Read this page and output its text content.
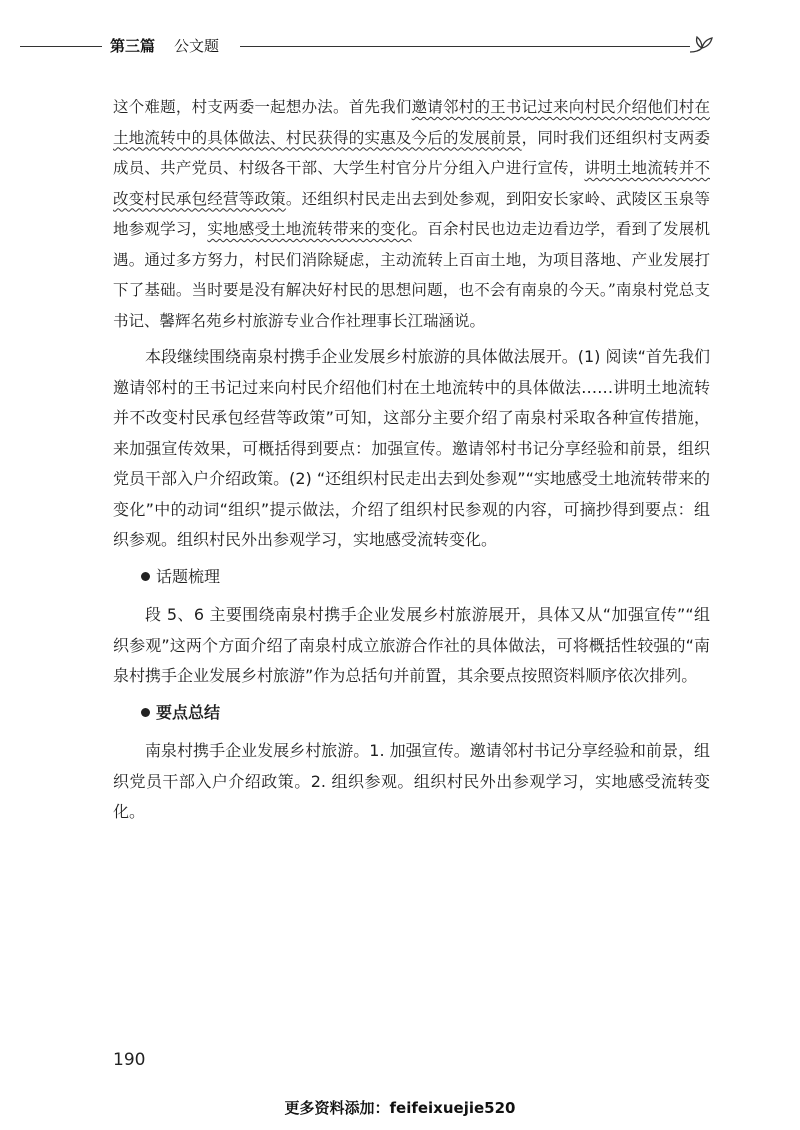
第三篇 公文题

这个难题，村支两委一起想办法。首先我们邀请邻村的王书记过来向村民介绍他们村在土地流转中的具体做法、村民获得的实惠及今后的发展前景，同时我们还组织村支两委成员、共产党员、村级各干部、大学生村官分片分组入户进行宣传，讲明土地流转并不改变村民承包经营等政策。还组织村民走出去到处参观，到阳安长家岭、武陵区玉泉等地参观学习，实地感受土地流转带来的变化。百余村民也边走边看边学，看到了发展机遇。通过多方努力，村民们消除疑虑，主动流转上百亩土地，为项目落地、产业发展打下了基础。当时要是没有解决好村民的思想问题，也不会有南泉的今天。”南泉村党总支书记、馨辉名苑乡村旅游专业合作社理事长江瑞涵说。

本段继续围绕南泉村携手企业发展乡村旅游的具体做法展开。(1) 阅读“首先我们邀请邻村的王书记过来向村民介绍他们村在土地流转中的具体做法……讲明土地流转并不改变村民承包经营等政策”可知，这部分主要介绍了南泉村采取各种宣传措施，来加强宣传效果，可概括得到要点：加强宣传。邀请邻村书记分享经验和前景，组织党员干部入户介绍政策。(2) “还组织村民走出去到处参观”“实地感受土地流转带来的变化”中的动词“组织”提示做法，介绍了组织村民参观的内容，可摘抄得到要点：组织参观。组织村民外出参观学习，实地感受流转变化。

话题梳理

段 5、6 主要围绕南泉村携手企业发展乡村旅游展开，具体又从“加强宣传”“组织参观”这两个方面介绍了南泉村成立旅游合作社的具体做法，可将概括性较强的“南泉村携手企业发展乡村旅游”作为总括句并前置，其余要点按照资料顺序依次排列。

要点总结

南泉村携手企业发展乡村旅游。1. 加强宣传。邀请邻村书记分享经验和前景，组织党员干部入户介绍政策。2. 组织参观。组织村民外出参观学习，实地感受流转变化。

190
更多资料添加：feifeixuejie520
